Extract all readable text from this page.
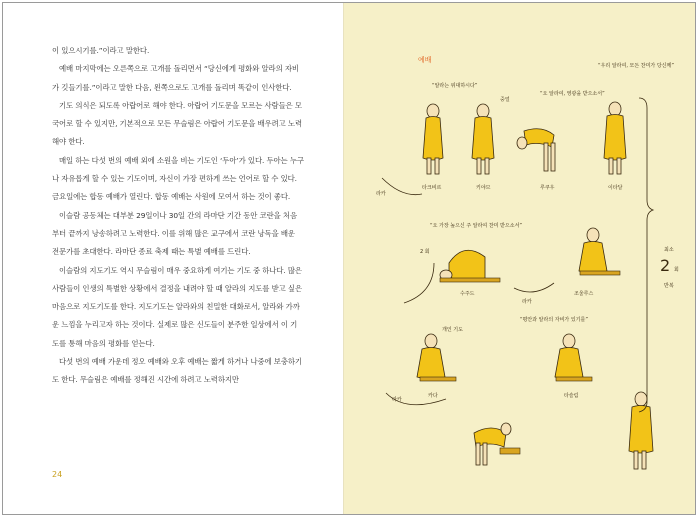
이 있으시기를.”이라고 말한다.

예배 마지막에는 오른쪽으로 고개를 돌리면서 “당신에게 평화와 알라의 자비가 깃들기를.”이라고 말한 다음, 왼쪽으로도 고개를 돌리며 똑같이 인사한다.

기도 의식은 되도록 아랍어로 해야 한다. 아랍어 기도문을 모르는 사람들은 모국어로 할 수 있지만, 기본적으로 모든 무슬림은 아랍어 기도문을 배우려고 노력해야 한다.

매일 하는 다섯 번의 예배 외에 소원을 비는 기도인 ‘두아’가 있다. 두아는 누구나 자유롭게 할 수 있는 기도이며, 자신이 가장 편하게 쓰는 언어로 할 수 있다. 금요일에는 합동 예배가 열린다. 합동 예배는 사원에 모여서 하는 것이 좋다.

이슬람 공동체는 대부분 29일이나 30일 간의 라마단 기간 동안 코란을 처음부터 끝까지 낭송하려고 노력한다. 이를 위해 많은 교구에서 코란 낭독을 배운 전문가를 초대한다. 라마단 종료 축제 때는 특별 예배를 드린다.

이슬람의 지도기도 역시 무슬림이 매우 중요하게 여기는 기도 중 하나다. 많은 사람들이 인생의 특별한 상황에서 결정을 내려야 할 때 알라의 지도를 받고 싶은 마음으로 지도기도를 한다. 지도기도는 알라와의 친밀한 대화로서, 알라와 가까운 느낌을 누리고자 하는 것이다. 실제로 많은 신도들이 분주한 일상에서 이 기도를 통해 마음의 평화를 얻는다.

다섯 번의 예배 가운데 정오 예배와 오후 예배는 짧게 하거나 나중에 보충하기도 한다. 무슬림은 예배를 정해진 시간에 하려고 노력하지만

24
예배
“알라는 위대하시다”
중얼
“오 알라여, 영광을 받으소서”
“우리 알라여, 모든 찬미가 당신께”
“오 가장 높으신 주 알라여 찬미 받으소서”
“평안과 알라의 자비가 있기를”
타크비르	키야므	루쿠우	이타달
수주드	조울루스
카다	타슬림
라카
라카
라카
개인 기도
2 회	최소
2 회
반복
